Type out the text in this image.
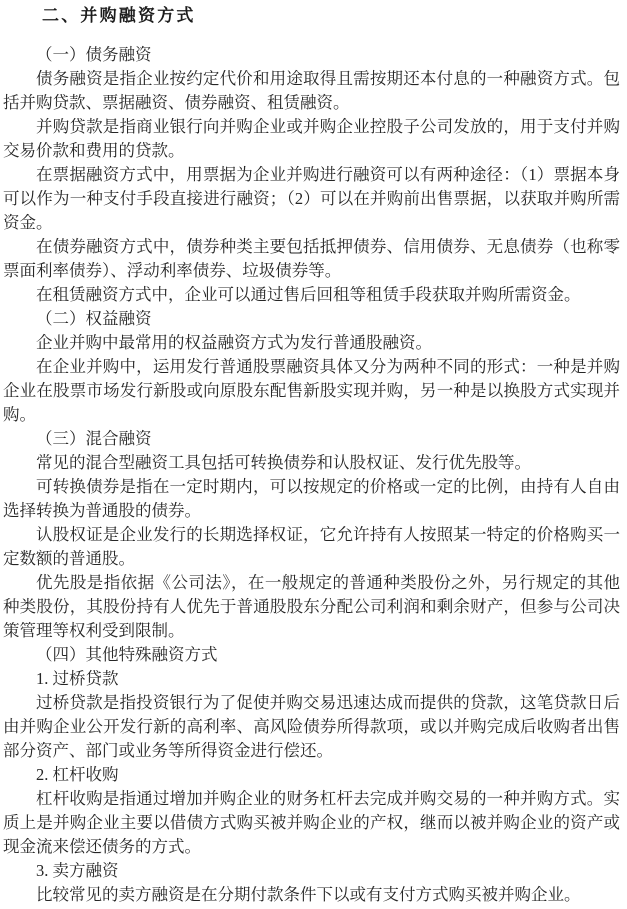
二、并购融资方式

（一）债务融资

债务融资是指企业按约定代价和用途取得且需按期还本付息的一种融资方式。包括并购贷款、票据融资、债券融资、租赁融资。

并购贷款是指商业银行向并购企业或并购企业控股子公司发放的，用于支付并购交易价款和费用的贷款。

在票据融资方式中，用票据为企业并购进行融资可以有两种途径：（1）票据本身可以作为一种支付手段直接进行融资；（2）可以在并购前出售票据，以获取并购所需资金。

在债券融资方式中，债券种类主要包括抵押债券、信用债券、无息债券（也称零票面利率债券）、浮动利率债券、垃圾债券等。

在租赁融资方式中，企业可以通过售后回租等租赁手段获取并购所需资金。

（二）权益融资

企业并购中最常用的权益融资方式为发行普通股融资。

在企业并购中，运用发行普通股票融资具体又分为两种不同的形式：一种是并购企业在股票市场发行新股或向原股东配售新股实现并购，另一种是以换股方式实现并购。

（三）混合融资

常见的混合型融资工具包括可转换债券和认股权证、发行优先股等。

可转换债券是指在一定时期内，可以按规定的价格或一定的比例，由持有人自由选择转换为普通股的债券。

认股权证是企业发行的长期选择权证，它允许持有人按照某一特定的价格购买一定数额的普通股。

优先股是指依据《公司法》，在一般规定的普通种类股份之外，另行规定的其他种类股份，其股份持有人优先于普通股股东分配公司利润和剩余财产，但参与公司决策管理等权利受到限制。

（四）其他特殊融资方式

1. 过桥贷款

过桥贷款是指投资银行为了促使并购交易迅速达成而提供的贷款，这笔贷款日后由并购企业公开发行新的高利率、高风险债券所得款项，或以并购完成后收购者出售部分资产、部门或业务等所得资金进行偿还。

2. 杠杆收购

杠杆收购是指通过增加并购企业的财务杠杆去完成并购交易的一种并购方式。实质上是并购企业主要以借债方式购买被并购企业的产权，继而以被并购企业的资产或现金流来偿还债务的方式。

3. 卖方融资

比较常见的卖方融资是在分期付款条件下以或有支付方式购买被并购企业。
